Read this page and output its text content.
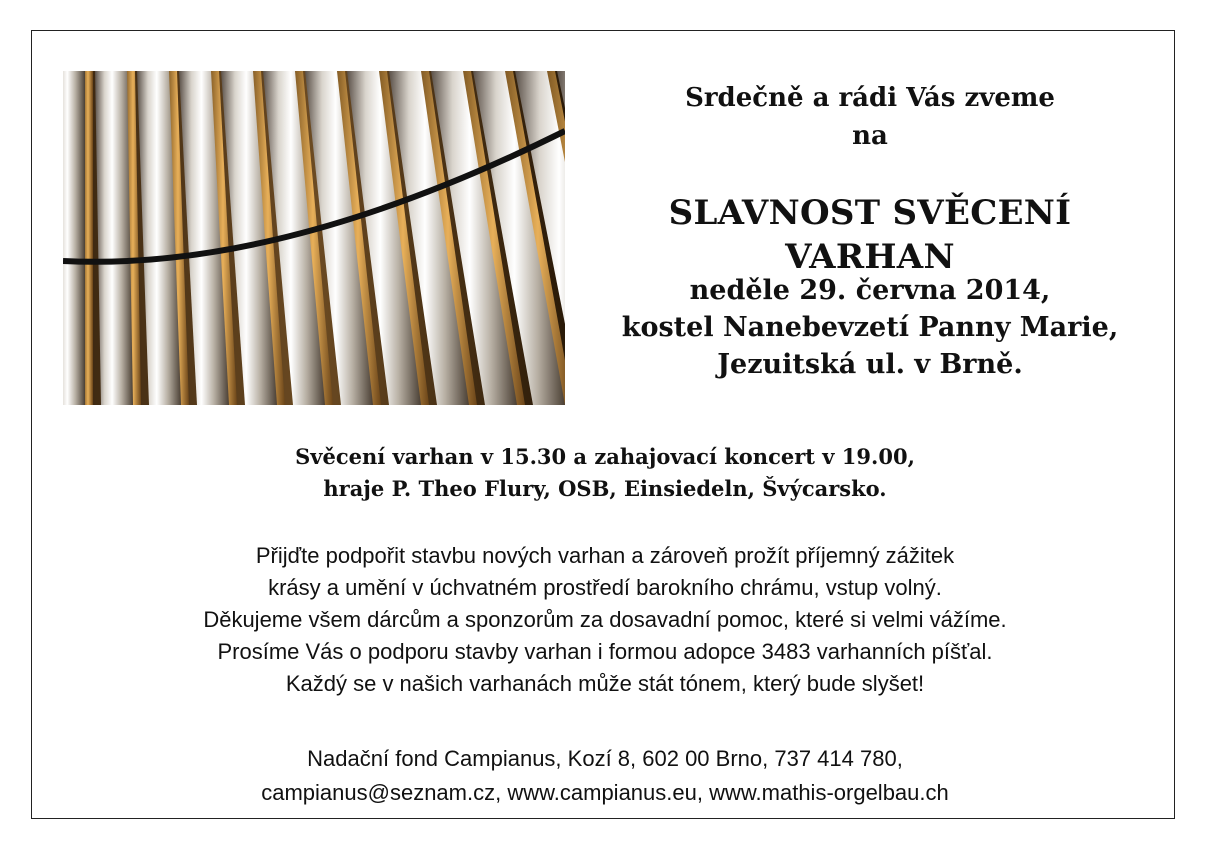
Srdečně a rádi Vás zveme
na
SLAVNOST SVĚCENÍ VARHAN
neděle 29. června 2014,
kostel Nanebevzetí Panny Marie,
Jezuitská ul. v Brně.
Svěcení varhan v 15.30 a zahajovací koncert v 19.00,
hraje P. Theo Flury, OSB, Einsiedeln, Švýcarsko.
Přijďte podpořit stavbu nových varhan a zároveň prožít příjemný zážitek
krásy a umění v úchvatném prostředí barokního chrámu, vstup volný.
Děkujeme všem dárcům a sponzorům za dosavadní pomoc, které si velmi vážíme.
Prosíme Vás o podporu stavby varhan i formou adopce 3483 varhanních píšťal.
Každý se v našich varhanách může stát tónem, který bude slyšet!
Nadační fond Campianus, Kozí 8, 602 00 Brno, 737 414 780,
campianus@seznam.cz, www.campianus.eu, www.mathis-orgelbau.ch
